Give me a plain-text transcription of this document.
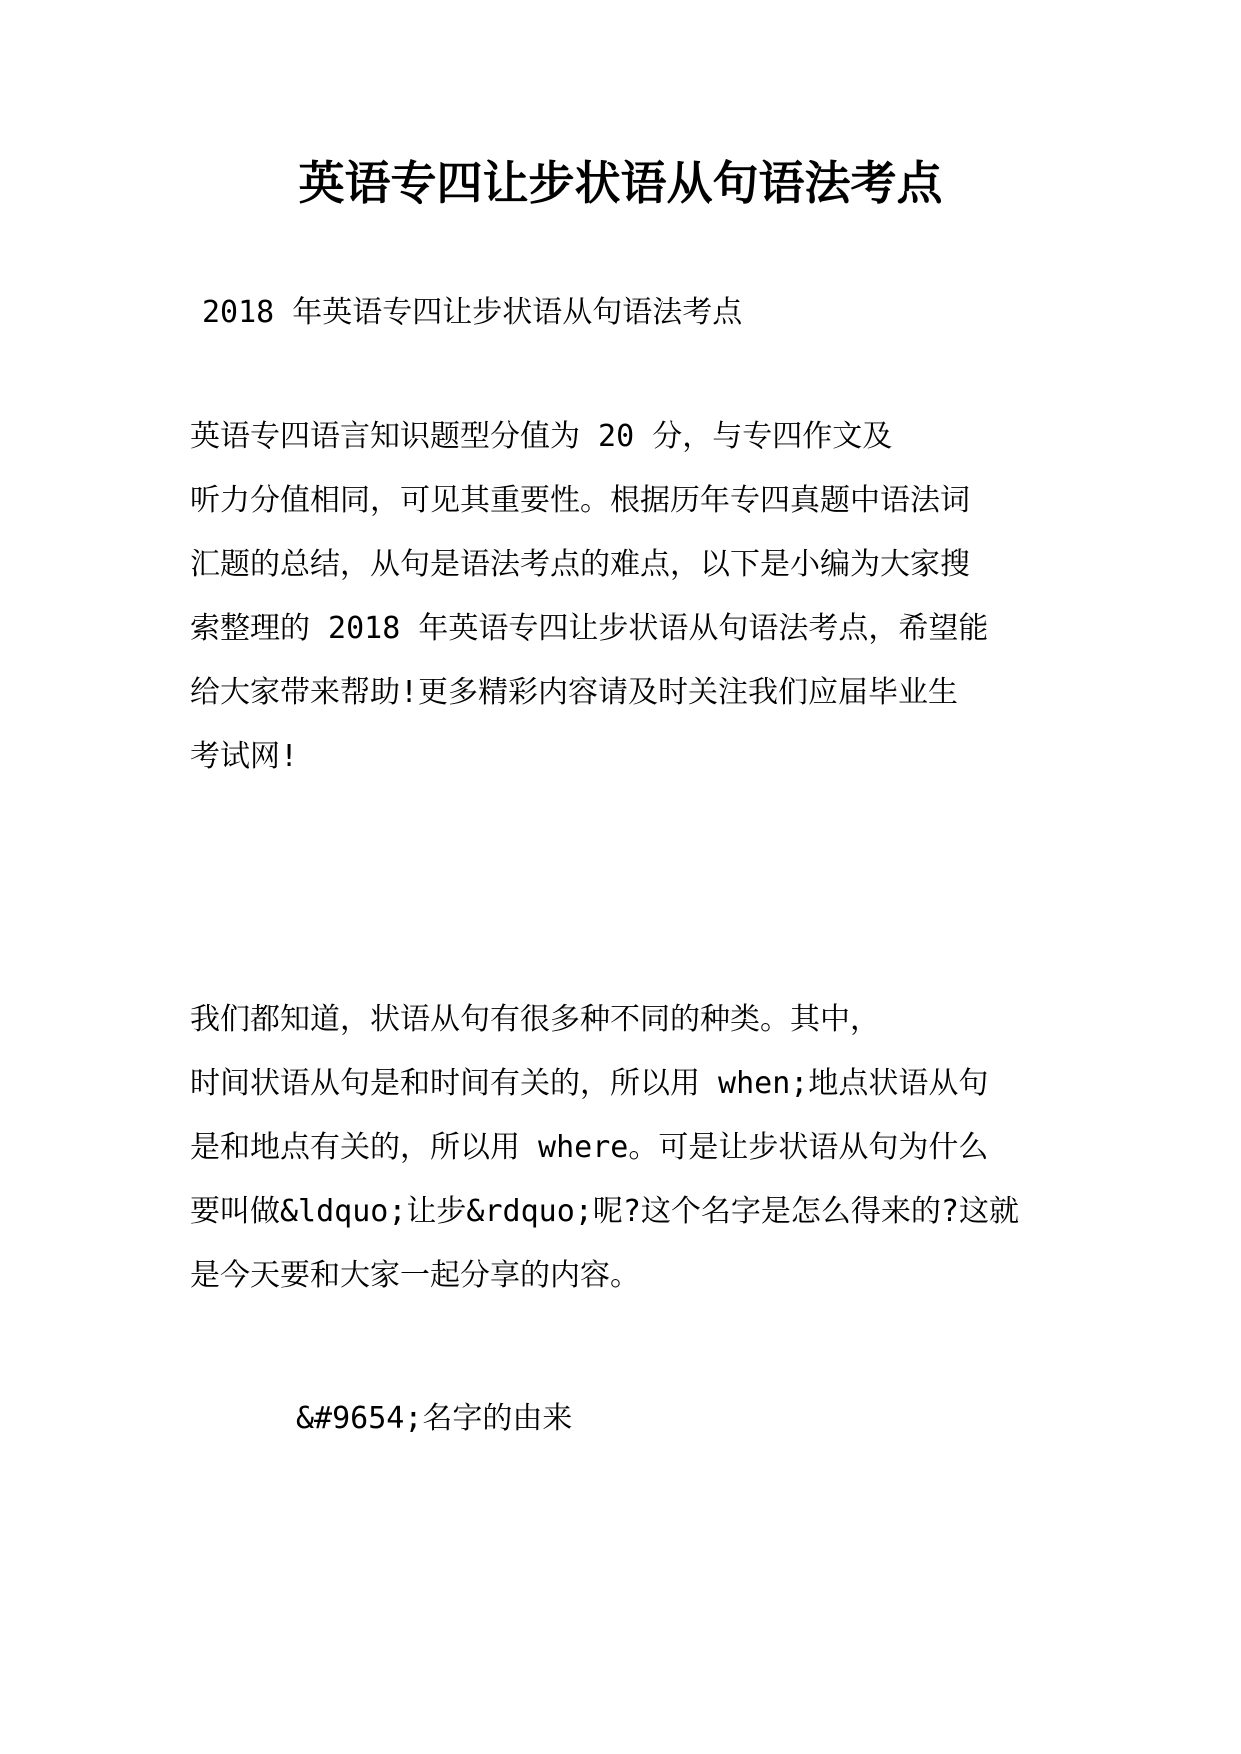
英语专四让步状语从句语法考点

2018 年英语专四让步状语从句语法考点

英语专四语言知识题型分值为 20 分，与专四作文及
听力分值相同，可见其重要性。根据历年专四真题中语法词
汇题的总结，从句是语法考点的难点，以下是小编为大家搜
索整理的 2018 年英语专四让步状语从句语法考点，希望能
给大家带来帮助!更多精彩内容请及时关注我们应届毕业生
考试网!

我们都知道，状语从句有很多种不同的种类。其中，
时间状语从句是和时间有关的，所以用 when;地点状语从句
是和地点有关的，所以用 where。可是让步状语从句为什么
要叫做&ldquo;让步&rdquo;呢?这个名字是怎么得来的?这就
是今天要和大家一起分享的内容。

&#9654;名字的由来
